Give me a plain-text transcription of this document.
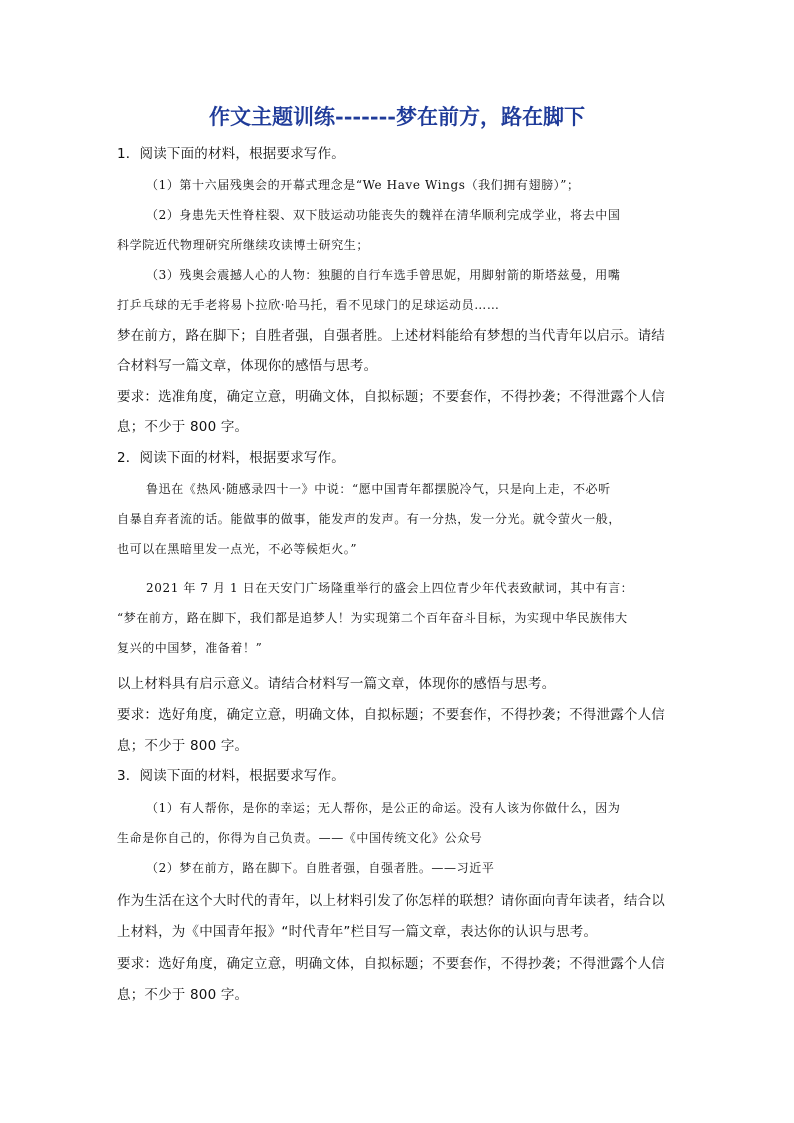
作文主题训练-------梦在前方，路在脚下
1．阅读下面的材料，根据要求写作。
（1）第十六届残奥会的开幕式理念是“We Have Wings（我们拥有翅膀）”；
（2）身患先天性脊柱裂、双下肢运动功能丧失的魏祥在清华顺利完成学业，将去中国
科学院近代物理研究所继续攻读博士研究生；
（3）残奥会震撼人心的人物：独腿的自行车选手曾思妮，用脚射箭的斯塔兹曼，用嘴
打乒乓球的无手老将易卜拉欣·哈马托，看不见球门的足球运动员……
梦在前方，路在脚下；自胜者强，自强者胜。上述材料能给有梦想的当代青年以启示。请结
合材料写一篇文章，体现你的感悟与思考。
要求：选准角度，确定立意，明确文体，自拟标题；不要套作，不得抄袭；不得泄露个人信
息；不少于 800 字。
2．阅读下面的材料，根据要求写作。
鲁迅在《热风·随感录四十一》中说：“愿中国青年都摆脱冷气，只是向上走，不必听
自暴自弃者流的话。能做事的做事，能发声的发声。有一分热，发一分光。就令萤火一般，
也可以在黑暗里发一点光，不必等候炬火。”
2021 年 7 月 1 日在天安门广场隆重举行的盛会上四位青少年代表致献词，其中有言：
“梦在前方，路在脚下，我们都是追梦人！为实现第二个百年奋斗目标，为实现中华民族伟大
复兴的中国梦，准备着！”
以上材料具有启示意义。请结合材料写一篇文章，体现你的感悟与思考。
要求：选好角度，确定立意，明确文体，自拟标题；不要套作，不得抄袭；不得泄露个人信
息；不少于 800 字。
3．阅读下面的材料，根据要求写作。
（1）有人帮你，是你的幸运；无人帮你，是公正的命运。没有人该为你做什么，因为
生命是你自己的，你得为自己负责。——《中国传统文化》公众号
（2）梦在前方，路在脚下。自胜者强，自强者胜。——习近平
作为生活在这个大时代的青年，以上材料引发了你怎样的联想？请你面向青年读者，结合以
上材料，为《中国青年报》“时代青年”栏目写一篇文章，表达你的认识与思考。
要求：选好角度，确定立意，明确文体，自拟标题；不要套作，不得抄袭；不得泄露个人信
息；不少于 800 字。
